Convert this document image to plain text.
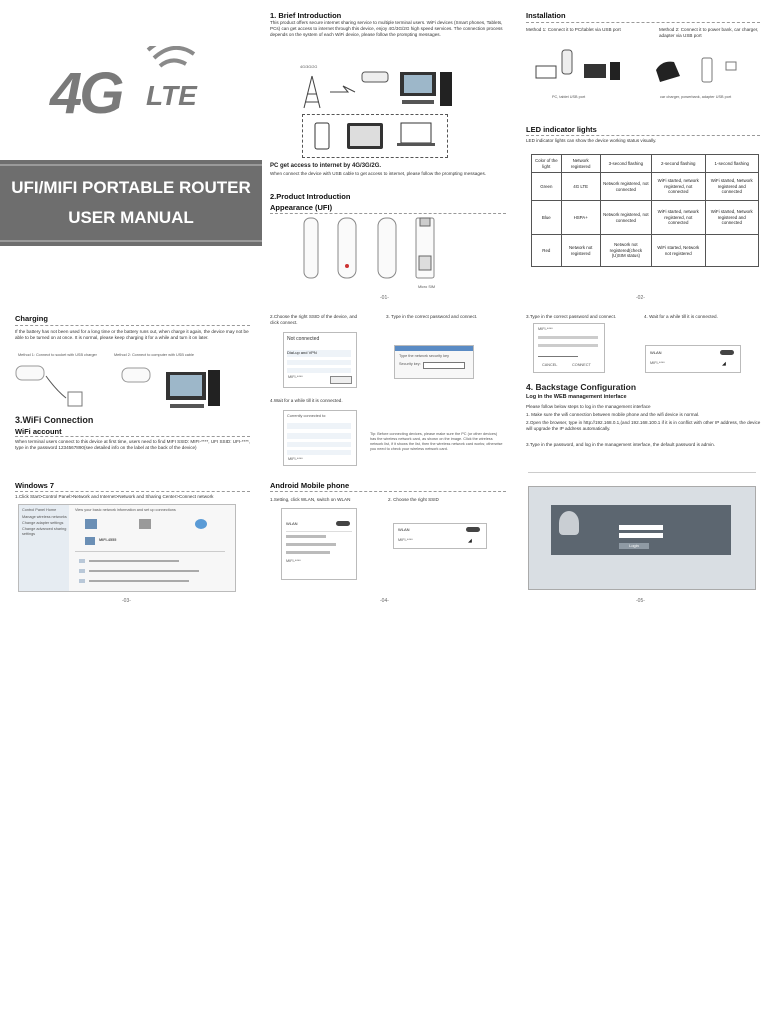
4G LTE
UFI/MIFI PORTABLE ROUTER
USER MANUAL
1. Brief Introduction
This product offers secure internet sharing service to multiple terminal users. WiFi devices (Smart phones, Tablets, PCs) can get access to internet through this device, enjoy 4G/3G/2G high speed services. The connection process depends on the system of each WiFi device, please follow the prompting messages.
4G/3G/2G
PC get access to internet by 4G/3G/2G.
When connect the device with USB cable to get access to internet, please follow the prompting messages.
2.Product Introduction
Appearance (UFI)
Micro SIM
-01-
Installation
Method 1: Connect it to PC/tablet via USB port	Method 2: Connect it to power bank, car charger, adapter via USB port
PC, tablet USB port	car charger, powerbank, adapter USB port
LED indicator lights
LED indicator lights can show the device working status visually.
Color of the light	Network registered	3-second flashing	2-second flashing	1-second flashing
Green	4G LTE	Network registered, not connected	WiFi started, network registered, not connected	WiFi started, Network registered and connected
Blue	HSPA+	Network registered, not connected	WiFi started, network registered, not connected	WiFi started, Network registered and connected
Red	Network not registered	Network not registered(check (U)SIM status)	WiFi started, Network not registered	
-02-
Charging
If the battery has not been used for a long time or the battery runs out, when charge it again, the device may not be able to be turned on at once. It is normal, please keep charging it for a while and turn it on later.
Method 1: Connect to socket with USB charger	Method 2: Connect to computer with USB cable
3.WiFi Connection
WiFi account
When terminal users connect to this device at first time, users need to find MIFI SSID: MIFI-****, UFI SSID: UFI-****, type in the password 1234567890(see detailed info on the label at the back of the device)
Windows 7
1.Click Start>Control Panel>Network and Internet>Network and Sharing Center>Connect network
Control Panel Home
Manage wireless networks
Change adapter settings
Change advanced sharing settings
View your basic network information and set up connections
MIFI-4555
-03-
2.Choose the right SSID of the device, and click connect.
3. Type in the correct password and connect.
Not connected
Dial-up and VPN
MIFI-****
Type the network security key
Security key:
4.Wait for a while till it is connected.
Currently connected to:
MIFI-****
Tip: Before connecting devices, please make sure the PC (or other devices) has the wireless network card, as shown on the image. Click the wireless network list, if it shows the list, then the wireless network card works; otherwise you need to check your wireless network card.
Android Mobile phone
1.Setting, click WLAN, switch on WLAN	2. Choose the right SSID
WLAN
MIFI-****
WLAN
MIFI-****	◢
-04-
3.Type in the correct password and connect.	4. Wait for a while till it is connected.
MIFI-****
CANCEL	CONNECT
WLAN
MIFI-****	◢
4. Backstage Configuration
Log in the WEB management interface
Please follow below steps to log in the management interface
1. Make sure the wifi connection between mobile phone and the wifi device is normal.
2.Open the browser, type in http://192.168.0.1,(and 192.168.100.1 if it is in conflict with other IP address, the device will upgrade the IP address automatically.
3.Type in the password, and log in the management interface, the default password is admin.
Login
-05-
